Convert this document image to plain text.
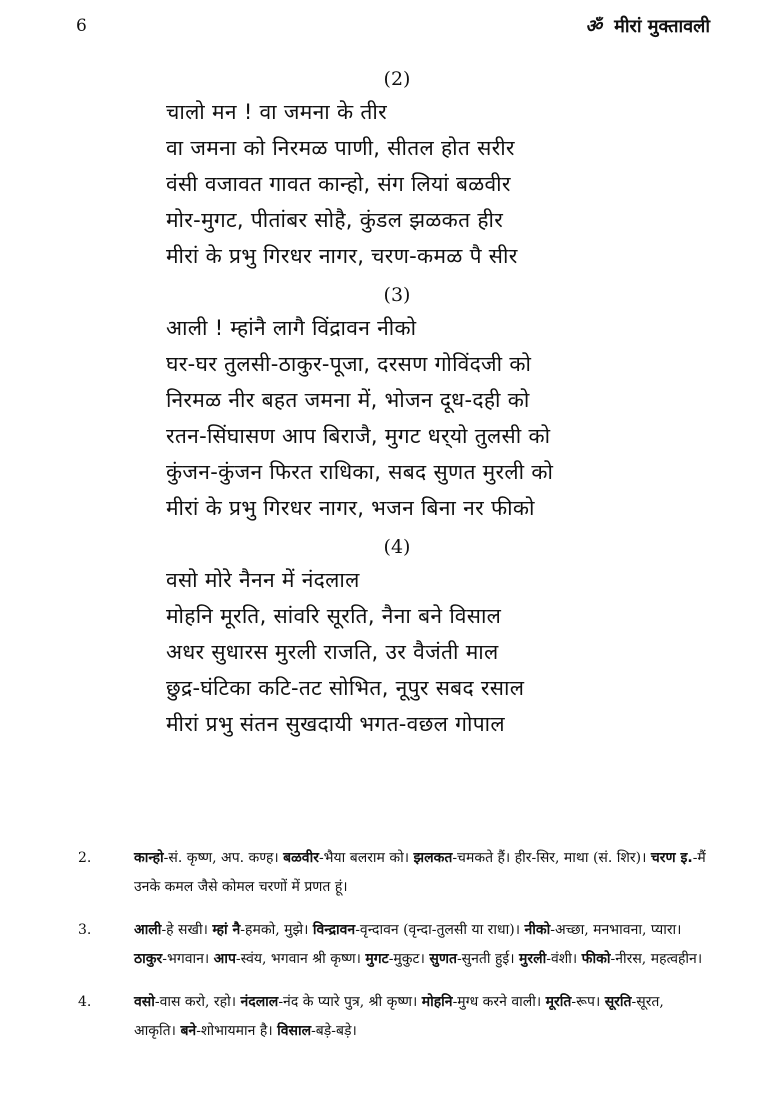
6	ॐ मीरां मुक्तावली
(2)
चालो मन ! वा जमना के तीर
वा जमना को निरमळ पाणी, सीतल होत सरीर
वंसी वजावत गावत कान्हो, संग लियां बळवीर
मोर-मुगट, पीतांबर सोहै, कुंडल झळकत हीर
मीरां के प्रभु गिरधर नागर, चरण-कमळ पै सीर
(3)
आली ! म्हांनै लागै विंद्रावन नीको
घर-घर तुलसी-ठाकुर-पूजा, दरसण गोविंदजी को
निरमळ नीर बहत जमना में, भोजन दूध-दही को
रतन-सिंघासण आप बिराजै, मुगट धर्‌यो तुलसी को
कुंजन-कुंजन फिरत राधिका, सबद सुणत मुरली को
मीरां के प्रभु गिरधर नागर, भजन बिना नर फीको
(4)
वसो मोरे नैनन में नंदलाल
मोहनि मूरति, सांवरि सूरति, नैना बने विसाल
अधर सुधारस मुरली राजति, उर वैजंती माल
छुद्र-घंटिका कटि-तट सोभित, नूपुर सबद रसाल
मीरां प्रभु संतन सुखदायी भगत-वछल गोपाल
2.	कान्हो-सं. कृष्ण, अप. कण्ह। बळवीर-भैया बलराम को। झलकत-चमकते हैं। हीर-सिर, माथा (सं. शिर)। चरण इ.-मैं उनके कमल जैसे कोमल चरणों में प्रणत हूं।
3.	आली-हे सखी। म्हां नै-हमको, मुझे। विन्द्रावन-वृन्दावन (वृन्दा-तुलसी या राधा)। नीको-अच्छा, मनभावना, प्यारा। ठाकुर-भगवान। आप-स्वंय, भगवान श्री कृष्ण। मुगट-मुकुट। सुणत-सुनती हुई। मुरली-वंशी। फीको-नीरस, महत्वहीन।
4.	वसो-वास करो, रहो। नंदलाल-नंद के प्यारे पुत्र, श्री कृष्ण। मोहनि-मुग्ध करने वाली। मूरति-रूप। सूरति-सूरत, आकृति। बने-शोभायमान है। विसाल-बड़े-बड़े।
